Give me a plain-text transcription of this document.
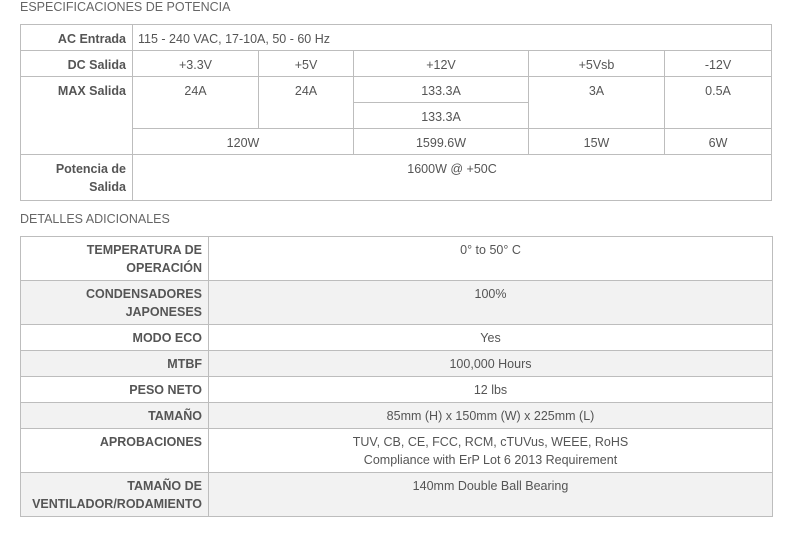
ESPECIFICACIONES DE POTENCIA
AC Entrada	115 - 240 VAC, 17-10A, 50 - 60 Hz				
DC Salida	+3.3V	+5V	+12V	+5Vsb	-12V
MAX Salida	24A	24A	133.3A	3A	0.5A
			133.3A		
	120W		1599.6W	15W	6W
Potencia de Salida	1600W @ +50C				
DETALLES ADICIONALES
TEMPERATURA DE OPERACIÓN	0° to 50° C
CONDENSADORES JAPONESES	100%
MODO ECO	Yes
MTBF	100,000 Hours
PESO NETO	12 lbs
TAMAÑO	85mm (H) x 150mm (W) x 225mm (L)
APROBACIONES	TUV, CB, CE, FCC, RCM, cTUVus, WEEE, RoHS
Compliance with ErP Lot 6 2013 Requirement

TAMAÑO DE VENTILADOR/RODAMIENTO	140mm Double Ball Bearing
